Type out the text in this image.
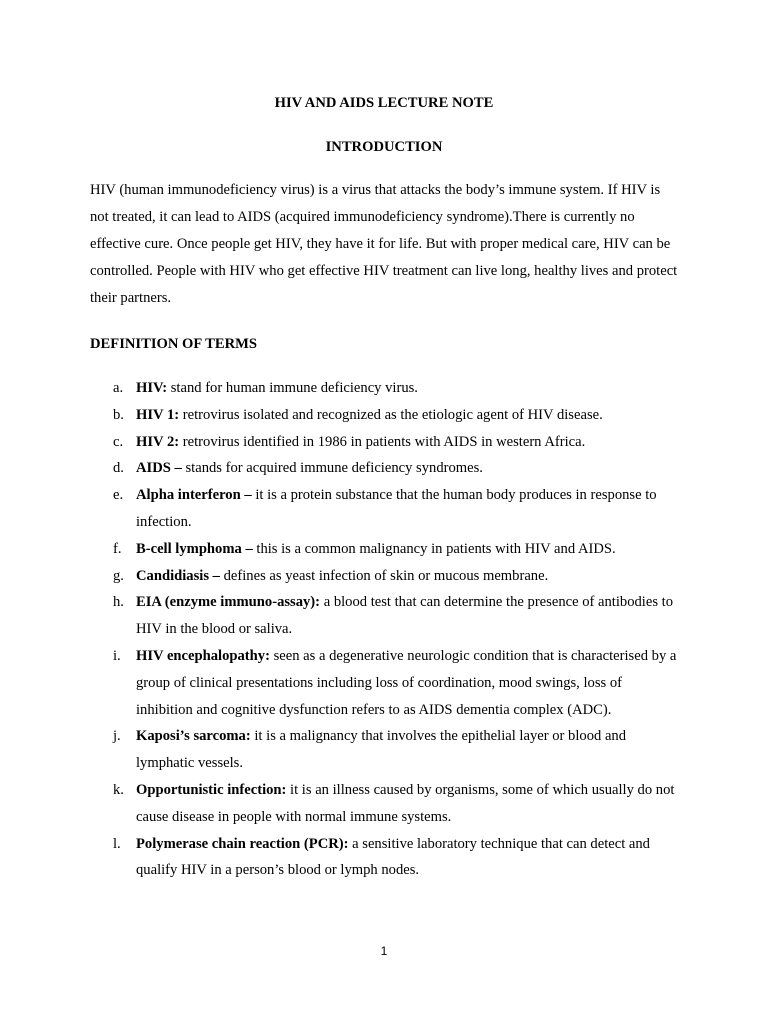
HIV AND AIDS LECTURE NOTE
INTRODUCTION

HIV (human immunodeficiency virus) is a virus that attacks the body’s immune system. If HIV is not treated, it can lead to AIDS (acquired immunodeficiency syndrome).There is currently no effective cure. Once people get HIV, they have it for life. But with proper medical care, HIV can be controlled. People with HIV who get effective HIV treatment can live long, healthy lives and protect their partners.

DEFINITION OF TERMS
a. HIV: stand for human immune deficiency virus.
b. HIV 1: retrovirus isolated and recognized as the etiologic agent of HIV disease.
c. HIV 2: retrovirus identified in 1986 in patients with AIDS in western Africa.
d. AIDS – stands for acquired immune deficiency syndromes.
e. Alpha interferon – it is a protein substance that the human body produces in response to infection.
f. B-cell lymphoma – this is a common malignancy in patients with HIV and AIDS.
g. Candidiasis – defines as yeast infection of skin or mucous membrane.
h. EIA (enzyme immuno-assay): a blood test that can determine the presence of antibodies to HIV in the blood or saliva.
i. HIV encephalopathy: seen as a degenerative neurologic condition that is characterised by a group of clinical presentations including loss of coordination, mood swings, loss of inhibition and cognitive dysfunction refers to as AIDS dementia complex (ADC).
j. Kaposi’s sarcoma: it is a malignancy that involves the epithelial layer or blood and lymphatic vessels.
k. Opportunistic infection: it is an illness caused by organisms, some of which usually do not cause disease in people with normal immune systems.
l. Polymerase chain reaction (PCR): a sensitive laboratory technique that can detect and qualify HIV in a person’s blood or lymph nodes.
1
